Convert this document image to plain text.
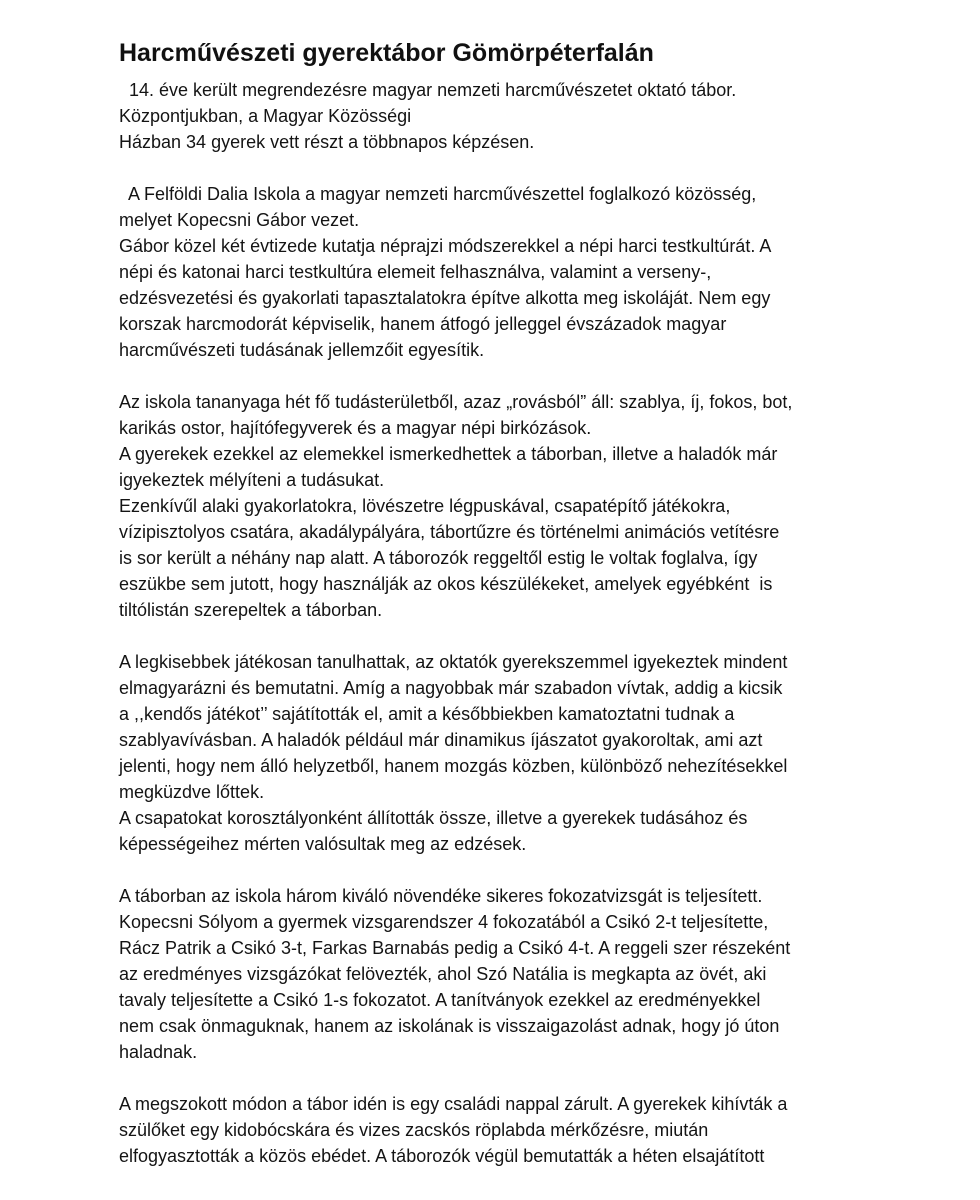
Harcművészeti gyerektábor Gömörpéterfalán
14. éve került megrendezésre magyar nemzeti harcművészetet oktató tábor.
Központjukban, a Magyar Közösségi
Házban 34 gyerek vett részt a többnapos képzésen.
A Felföldi Dalia Iskola a magyar nemzeti harcművészettel foglalkozó közösség,
melyet Kopecsni Gábor vezet.
Gábor közel két évtizede kutatja néprajzi módszerekkel a népi harci testkultúrát. A
népi és katonai harci testkultúra elemeit felhasználva, valamint a verseny-,
edzésvezetési és gyakorlati tapasztalatokra építve alkotta meg iskoláját. Nem egy
korszak harcmodorát képviselik, hanem átfogó jelleggel évszázadok magyar
harcművészeti tudásának jellemzőit egyesítik.
Az iskola tananyaga hét fő tudásterületből, azaz „rovásból” áll: szablya, íj, fokos, bot,
karikás ostor, hajítófegyverek és a magyar népi birkózások.
A gyerekek ezekkel az elemekkel ismerkedhettek a táborban, illetve a haladók már
igyekeztek mélyíteni a tudásukat.
Ezenkívűl alaki gyakorlatokra, lövészetre légpuskával, csapatépítő játékokra,
vízipisztolyos csatára, akadálypályára, tábortűzre és történelmi animációs vetítésre
is sor került a néhány nap alatt. A táborozók reggeltől estig le voltak foglalva, így
eszükbe sem jutott, hogy használják az okos készülékeket, amelyek egyébként  is
tiltólistán szerepeltek a táborban.
A legkisebbek játékosan tanulhattak, az oktatók gyerekszemmel igyekeztek mindent
elmagyarázni és bemutatni. Amíg a nagyobbak már szabadon vívtak, addig a kicsik
a ,,kendős játékot’’ sajátították el, amit a későbbiekben kamatoztatni tudnak a
szablyavívásban. A haladók például már dinamikus íjászatot gyakoroltak, ami azt
jelenti, hogy nem álló helyzetből, hanem mozgás közben, különböző nehezítésekkel
megküzdve lőttek.
A csapatokat korosztályonként állították össze, illetve a gyerekek tudásához és
képességeihez mérten valósultak meg az edzések.
A táborban az iskola három kiváló növendéke sikeres fokozatvizsgát is teljesített.
Kopecsni Sólyom a gyermek vizsgarendszer 4 fokozatából a Csikó 2-t teljesítette,
Rácz Patrik a Csikó 3-t, Farkas Barnabás pedig a Csikó 4-t. A reggeli szer részeként
az eredményes vizsgázókat felövezték, ahol Szó Natália is megkapta az övét, aki
tavaly teljesítette a Csikó 1-s fokozatot. A tanítványok ezekkel az eredményekkel
nem csak önmaguknak, hanem az iskolának is visszaigazolást adnak, hogy jó úton
haladnak.
A megszokott módon a tábor idén is egy családi nappal zárult. A gyerekek kihívták a
szülőket egy kidobócskára és vizes zacskós röplabda mérkőzésre, miután
elfogyasztották a közös ebédet. A táborozók végül bemutatták a héten elsajátított
